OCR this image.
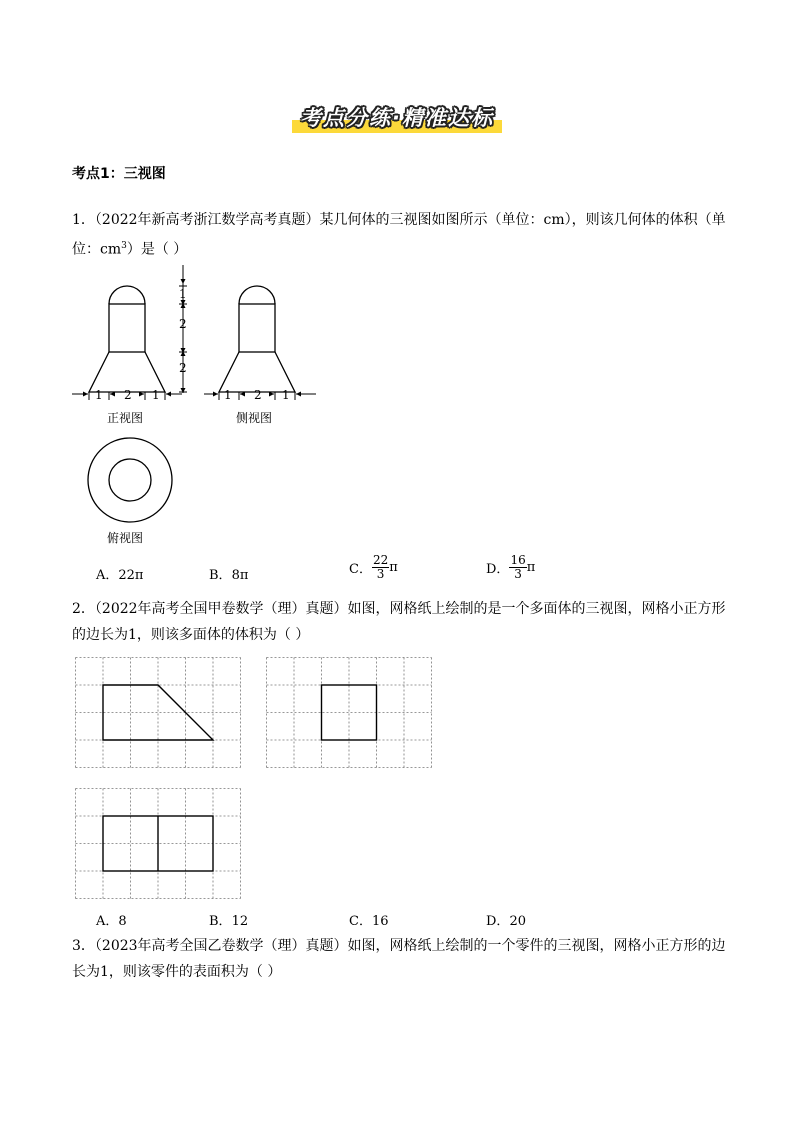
考点分练·精准达标
考点1：三视图
1．（2022年新高考浙江数学高考真题）某几何体的三视图如图所示（单位：cm），则该几何体的体积（单
位：$cm^3$）是（ ）
1
2
2
1 2 1	1 2 1
正视图	侧视图
俯视图
A．22π	B．8π	C． $\frac{22}{3}$ π	D． $\frac{16}{3}$ π
2．（2022年高考全国甲卷数学（理）真题）如图，网格纸上绘制的是一个多面体的三视图，网格小正方形
的边长为1，则该多面体的体积为（ ）
A．8	B．12	C．16	D．20
3．（2023年高考全国乙卷数学（理）真题）如图，网格纸上绘制的一个零件的三视图，网格小正方形的边
长为1，则该零件的表面积为（ ）
